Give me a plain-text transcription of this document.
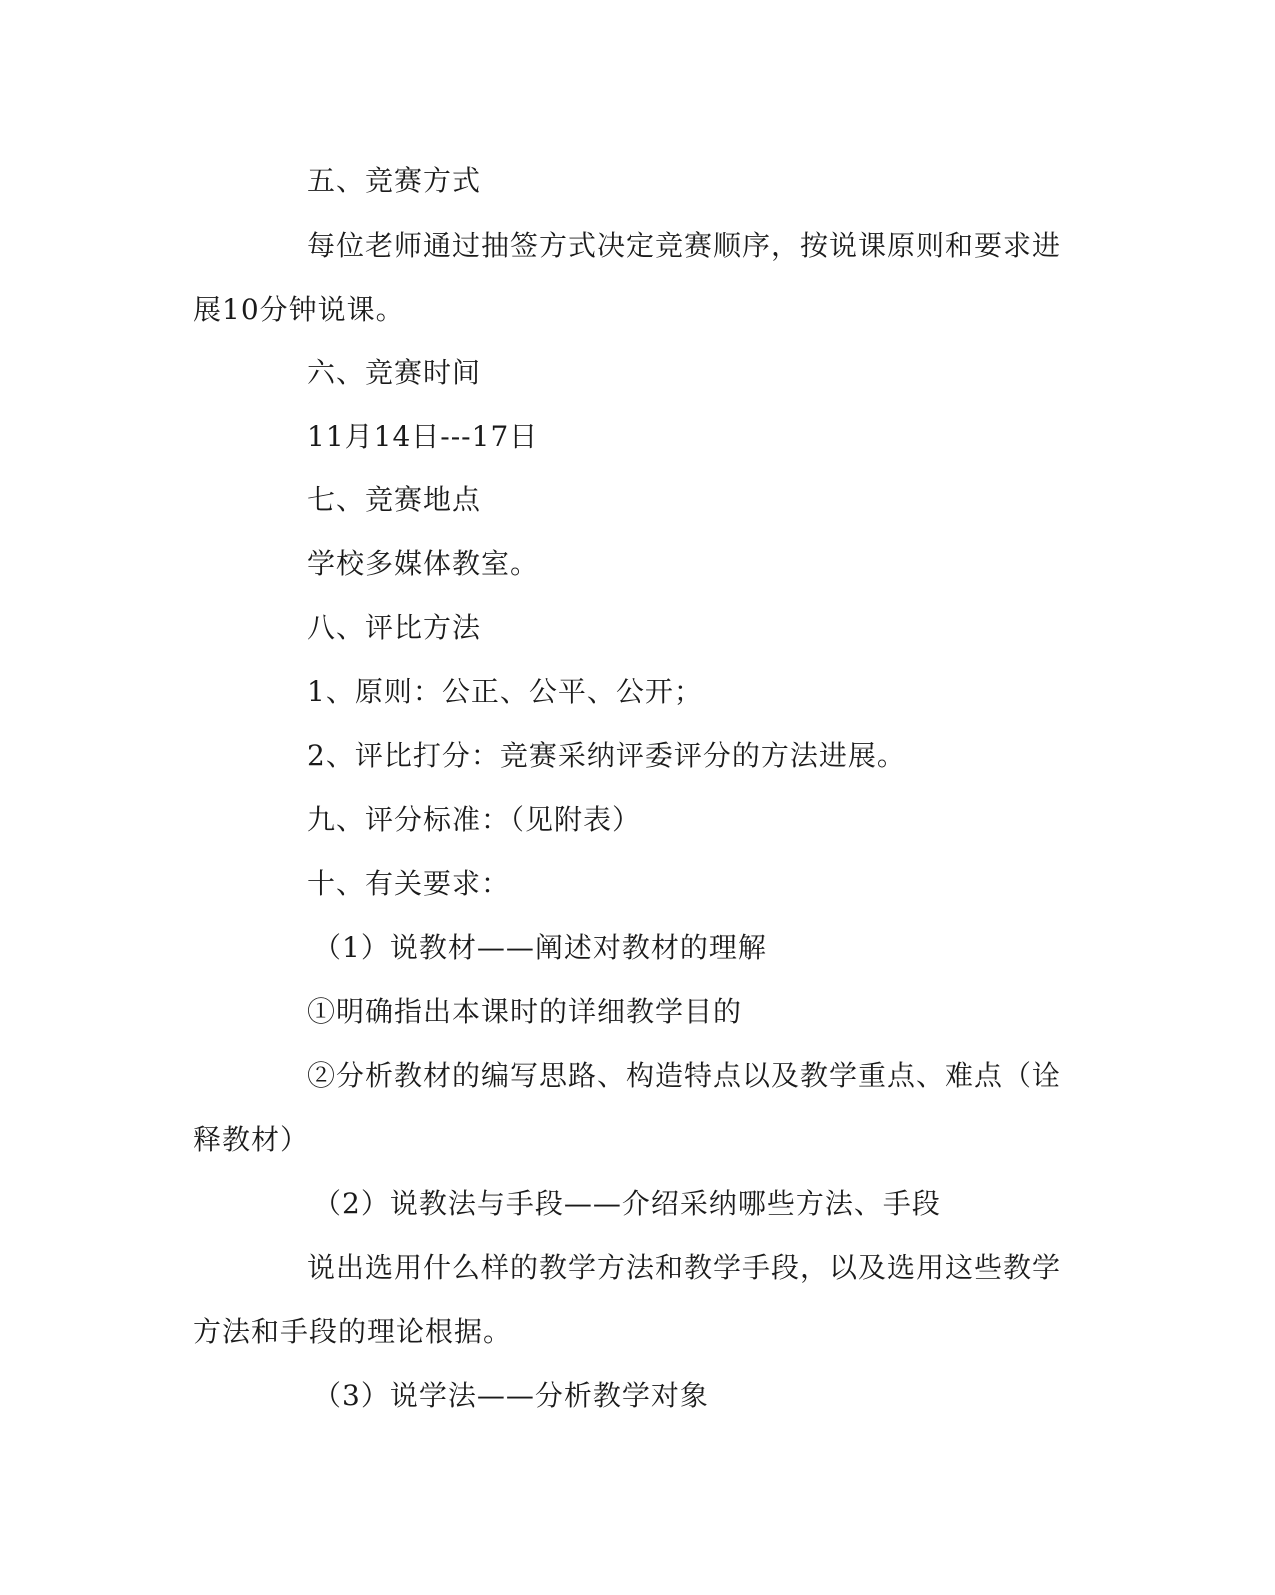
五、竞赛方式
每位老师通过抽签方式决定竞赛顺序，按说课原则和要求进
展10分钟说课。
六、竞赛时间
11月14日---17日
七、竞赛地点
学校多媒体教室。
八、评比方法
1、原则：公正、公平、公开；
2、评比打分：竞赛采纳评委评分的方法进展。
九、评分标准：（见附表）
十、有关要求：
（1）说教材——阐述对教材的理解
①明确指出本课时的详细教学目的
②分析教材的编写思路、构造特点以及教学重点、难点（诠
释教材）
（2）说教法与手段——介绍采纳哪些方法、手段
说出选用什么样的教学方法和教学手段，以及选用这些教学
方法和手段的理论根据。
（3）说学法——分析教学对象
